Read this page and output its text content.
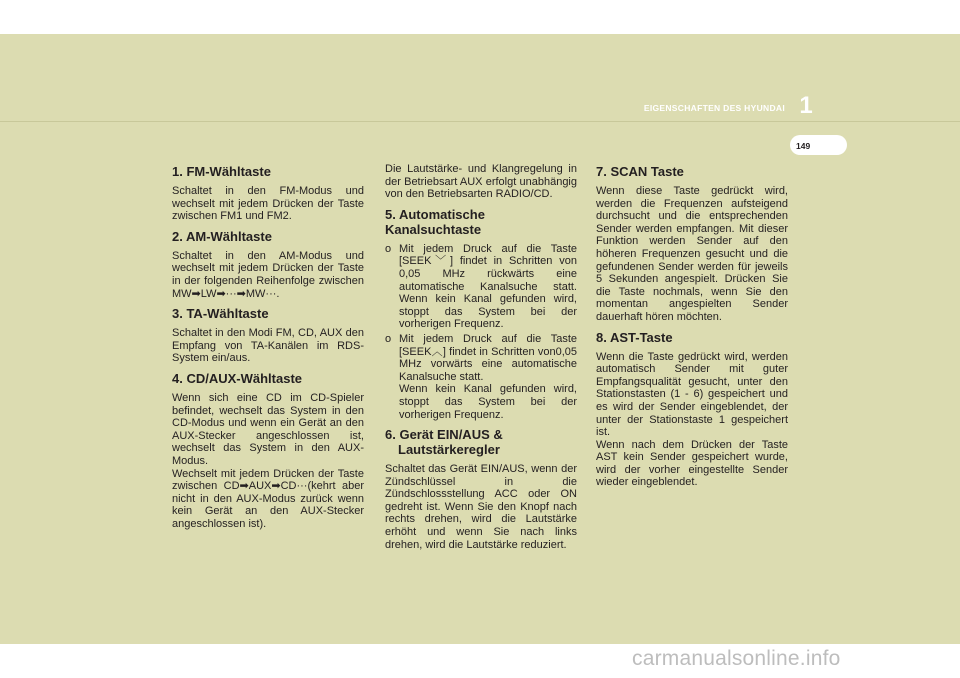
EIGENSCHAFTEN DES HYUNDAI 1
149
1. FM-Wähltaste

Schaltet in den FM-Modus und wechselt mit jedem Drücken der Taste zwischen FM1 und FM2.

2. AM-Wähltaste

Schaltet in den AM-Modus und wechselt mit jedem Drücken der Taste in der folgenden Reihenfolge zwischen MW➡LW➡···➡MW···.

3. TA-Wähltaste

Schaltet in den Modi FM, CD, AUX den Empfang von TA-Kanälen im RDS-System ein/aus.

4. CD/AUX-Wähltaste

Wenn sich eine CD im CD-Spieler befindet, wechselt das System in den CD-Modus und wenn ein Gerät an den AUX-Stecker angeschlossen ist, wechselt das System in den AUX-Modus.

Wechselt mit jedem Drücken der Taste zwischen CD➡AUX➡CD···(kehrt aber nicht in den AUX-Modus zurück wenn kein Gerät an den AUX-Stecker angeschlossen ist).

Die Lautstärke- und Klangregelung in der Betriebsart AUX erfolgt unabhängig von den Betriebsarten RADIO/CD.

5. Automatische Kanalsuchtaste
o Mit jedem Druck auf die Taste [SEEK﹀] findet in Schritten von 0,05 MHz rückwärts eine automatische Kanalsuche statt. Wenn kein Kanal gefunden wird, stoppt das System bei der vorherigen Frequenz.

o Mit jedem Druck auf die Taste [SEEK︿] findet in Schritten von0,05 MHz vorwärts eine automatische Kanalsuche statt.

Wenn kein Kanal gefunden wird, stoppt das System bei der vorherigen Frequenz.

6. Gerät EIN/AUS &
Lautstärkeregler

Schaltet das Gerät EIN/AUS, wenn der Zündschlüssel in die Zündschlossstellung ACC oder ON gedreht ist. Wenn Sie den Knopf nach rechts drehen, wird die Lautstärke erhöht und wenn Sie nach links drehen, wird die Lautstärke reduziert.

7. SCAN Taste

Wenn diese Taste gedrückt wird, werden die Frequenzen aufsteigend durchsucht und die entsprechenden Sender werden empfangen. Mit dieser Funktion werden Sender auf den höheren Frequenzen gesucht und die gefundenen Sender werden für jeweils 5 Sekunden angespielt. Drücken Sie die Taste nochmals, wenn Sie den momentan angespielten Sender dauerhaft hören möchten.

8. AST-Taste

Wenn die Taste gedrückt wird, werden automatisch Sender mit guter Empfangsqualität gesucht, unter den Stationstasten (1 - 6) gespeichert und es wird der Sender eingeblendet, der unter der Stationstaste 1 gespeichert ist.

Wenn nach dem Drücken der Taste AST kein Sender gespeichert wurde, wird der vorher eingestellte Sender wieder eingeblendet.

carmanualsonline.info
